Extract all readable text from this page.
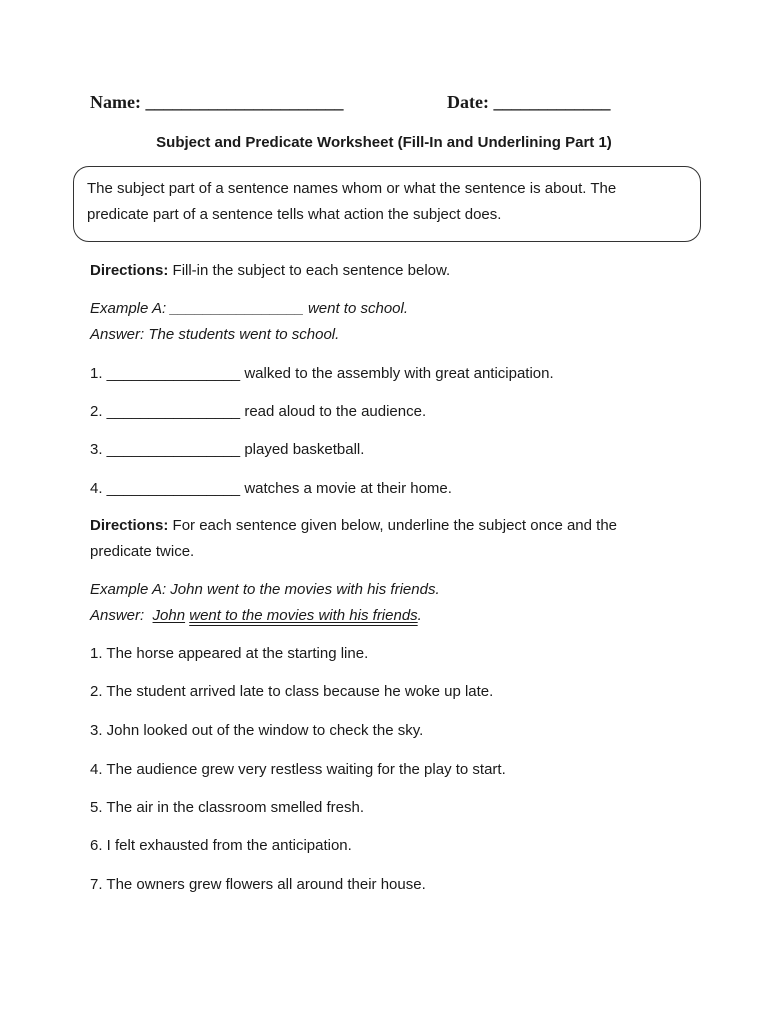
Name: ______________________	Date: _____________
Subject and Predicate Worksheet (Fill-In and Underlining Part 1)
The subject part of a sentence names whom or what the sentence is about. The
predicate part of a sentence tells what action the subject does.
Directions: Fill-in the subject to each sentence below.
Example A: ________________ went to school.
Answer: The students went to school.
1. ________________ walked to the assembly with great anticipation.
2. ________________ read aloud to the audience.
3. ________________ played basketball.
4. ________________ watches a movie at their home.
Directions: For each sentence given below, underline the subject once and the
predicate twice.
Example A: John went to the movies with his friends.
Answer:  John went to the movies with his friends.
1. The horse appeared at the starting line.
2. The student arrived late to class because he woke up late.
3. John looked out of the window to check the sky.
4. The audience grew very restless waiting for the play to start.
5. The air in the classroom smelled fresh.
6. I felt exhausted from the anticipation.
7. The owners grew flowers all around their house.
